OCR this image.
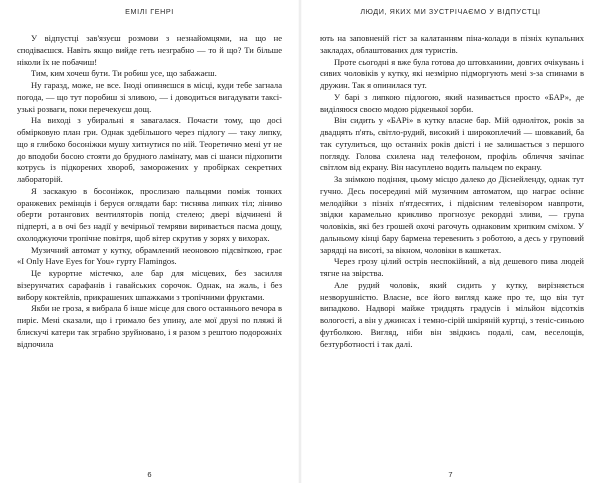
ЕМІЛІ ГЕНРІ

У відпустці зав'язуєш розмови з незнайомцями, на що не сподіваєшся. Навіть якщо вийде геть незграбно — то й що? Ти більше ніколи їх не побачиш!

Тим, ким хочеш бути. Ти робиш усе, що забажаєш.

Ну гаразд, може, не все. Іноді опиняєшся в місці, куди тебе загнала погода, — що тут поробиш зі зливою, — і доводиться вигадувати таксі-узькі розваги, поки перечекуєш дощ.

На виході з убиральні я завагалася. Почасти тому, що досі обмірковую план гри. Однак здебільшого через підлогу — таку липку, що я глибоко босоніжки мушу хитнутися по ній. Теоретично мені ут не до вподоби босою стояти до брудного ламінату, мав сі шанси підхопити котрусь із підкорених хвороб, заморожених у пробірках секретних лабораторій.

Я заскакую в босоніжок, прослизаю пальцями поміж тонких оранжевих ремінців і беруся оглядати бар: тиснява липких тіл; ліниво оберти ротангових вентиляторів попід стелею; двері відчинені й підперті, а в очі без надії у вечірньої темряви виривається пасма дощу, охолоджуючи тропічне повітря, щоб вітер скрутив у зорях у вихорах.

Музичний автомат у кутку, обрамлений неоновою підсвіткою, грає «I Only Have Eyes for You» гурту Flamingos.

Це курортне містечко, але бар для місцевих, без засилля візерунчатих сарафанів і гавайських сорочок. Однак, на жаль, і без вибору коктейлів, прикрашених шпажками з тропічними фруктами.

Якби не гроза, я вибрала б інше місце для свого останнього вечора в пиріє. Мені сказали, що і гримало без упину, але мої друзі по пляжі й блискучі катери так зграбно зруйновано, і я разом з рештою подорожніх відпочила

6
ЛЮДИ, ЯКИХ МИ ЗУСТРІЧАЄМО У ВІДПУСТЦІ

ють на заповненій гіст за калатанням піна-колади в пізніх купальних закладах, облаштованих для туристів.

Проте сьогодні я вже була готова до штовханини, довгих очікувань і сивих чоловіків у кутку, які незмірно підморгують мені з-за спинами в дружин. Так я опинилася тут.

У барі з липкою підлогою, який називається просто «БАР», де виділяюся своєю модою рідкенької зорби.

Він сидить у «БАРі» в кутку власне бар. Мій одноліток, років за двадцять п'ять, світло-рудий, високий і широкоплечий — шовкавий, ба так сутулиться, що останніх років двісті і не залишається з першого погляду. Голова схилена над телефоном, профіль обличчя зачіпає світлом від екрану. Він насуплено водить пальцем по екрану.

За знімкою подіння, цьому місцю далеко до Діснейленду, однак тут гучно. Десь посередині мій музичним автоматом, що награє осіннє мелодійки з пізніх п'ятдесятих, і підвісним телевізором навпроти, звідки карамельно крикливо прогнозує рекордні зливи, — група чоловіків, які без грошей охочі рагочуть однаковим хрипким сміхом. У дальньому кінці бару бармена теревенить з роботою, а десь у груповий зарядці на висоті, за вікном, чоловіки в кашкетах.

Через грозу цілий острів неспокійний, а від дешевого пива людей тягне на звірства.

Але рудий чоловік, який сидить у кутку, вирізняється незворушністю. Власне, все його вигляд каже про те, що він тут випадково. Надворі майже тридцять градусів і мільйон відсотків вологості, а він у джинсах і темно-сірій шкіряній куртці, з теніс-синьою футболкою. Вигляд, ніби він звідкись подалі, сам, веселощів, безтурботності і так далі.

7
